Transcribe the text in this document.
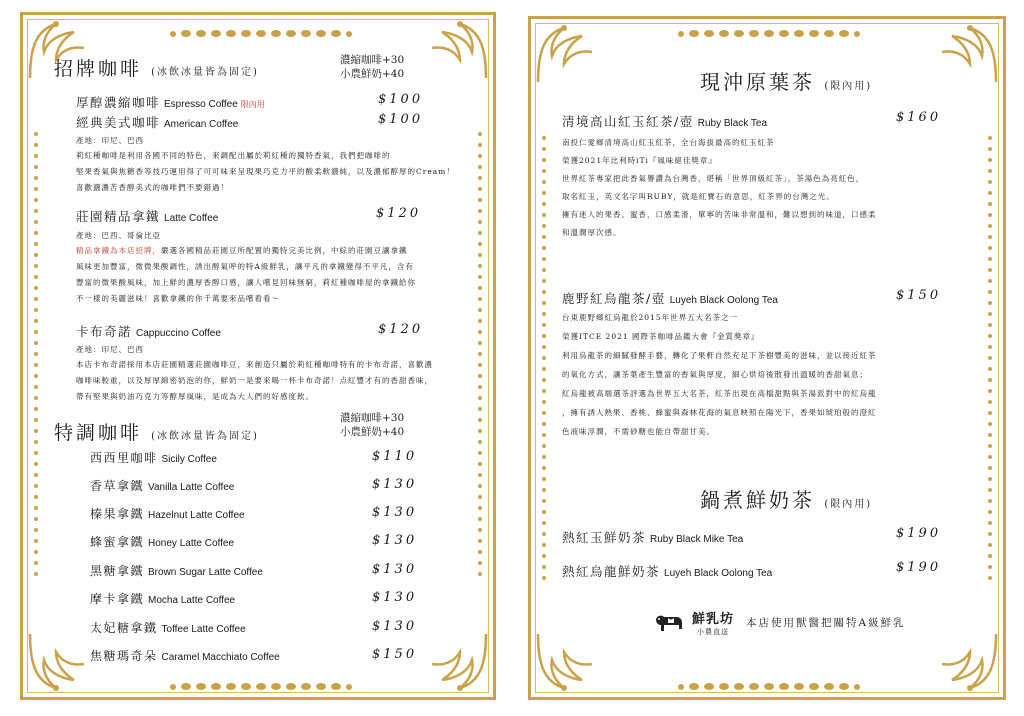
招牌咖啡 (冰飲冰量皆為固定)
濃縮咖啡+30
小農鮮奶+40
厚醇濃縮咖啡 Espresso Coffee 限內用	$100
經典美式咖啡 American Coffee	$100
產地：印尼、巴西
莉紅種咖啡是利用各國不同的特色，來調配出屬於莉紅種的獨特香氣，我們把咖啡的
堅果香氣與焦糖香等技巧運用得了可可味來呈現果巧克力平的酸柔軟濃純，以及濃郁醇厚的Cream！
喜歡濃濃苦香醇美式的咖啡們不要錯過！
莊園精品拿鐵 Latte Coffee	$120
產地：巴西、哥倫比亞
精品拿鐵為本店招牌，嚴選各國精品莊園豆所配置的獨特完美比例，中綜的莊園豆讓拿鐵
風味更加豐富，微微果酸調性，誘出醇氣呼的特A級鮮乳，讓平凡的拿鐵變得不平凡，含有
豐富的微果酸風味，加上鮮的濃厚香醇口感，讓人嚐見回味無窮，莉紅種咖啡屋的拿鐵給你
不一樣的美麗滋味！喜歡拿鐵的你千萬要來品嚐看看～
卡布奇諾 Cappuccino Coffee	$120
產地：印尼、巴西
本店卡布奇諾採用本店莊園精選莊園咖啡豆，來創造只屬於莉紅種咖啡特有的卡布奇諾，喜歡濃
咖啡味較重，以及厚厚綿密奶泡的你，鮮奶一是要來喝一杯卡布奇諾！点紅豐才有的香甜香味，
帶有堅果與奶油巧克力等醇厚風味，是成為大人們的好感度飲。
特調咖啡 (冰飲冰量皆為固定)
濃縮咖啡+30
小農鮮奶+40
西西里咖啡 Sicily Coffee	$110
香草拿鐵 Vanilla Latte Coffee	$130
榛果拿鐵 Hazelnut Latte Coffee	$130
蜂蜜拿鐵 Honey Latte Coffee	$130
黑糖拿鐵 Brown Sugar Latte Coffee	$130
摩卡拿鐵 Mocha Latte Coffee	$130
太妃糖拿鐵 Toffee Latte Coffee	$130
焦糖瑪奇朵 Caramel Macchiato Coffee	$150
現沖原葉茶 (限內用)
清境高山紅玉紅茶/壺 Ruby Black Tea	$160
南投仁愛鄉清境高山紅玉紅茶，全台海拔最高的紅玉紅茶
榮獲2021年比利時iTi『風味絕佳獎章』
世界紅茶專家把此香氣譽讚為台灣香，堪稱「世界頂級紅茶」，茶湯色為亮紅色，
取名紅玉，英文名字叫RUBY，就是紅寶石的意思，紅茶界的台灣之光。
擁有迷人的果香、蜜香，口感柔滑，單寧的苦味非常溫和，難以想到的味道，口感柔
和溫潤厚次感。
鹿野紅烏龍茶/壺 Luyeh Black Oolong Tea	$150
台東鹿野鄉紅烏龍於2015年世界五大名茶之一
榮獲ITCE 2021 國際茶咖啡品鑑大會『金質獎章』
利用烏龍茶的細膩發酵手藝，轉化了果軒自然充足下茶樹豐美的滋味，並以接近紅茶
的氧化方式，讓茶葉產生豐富的香氣與厚度，細心烘焙後散發出溫暖的香甜氣息；
紅烏龍被高端選茶評選為世界五大名茶，紅茶出現在高檔甜點與茶湯派對中的紅烏龍
，擁有誘人熟果、香桃、蜂蜜與森林花海的氣息映照在陽光下，香果如琥珀般的澄紅
色液味淳潤，不需砂糖也能自帶甜甘美。
鍋煮鮮奶茶 (限內用)
熱紅玉鮮奶茶 Ruby Black Mike Tea	$190
熱紅烏龍鮮奶茶 Luyeh Black Oolong Tea	$190
鮮乳坊
小農直送
本店使用獸醫把關特A級鮮乳
